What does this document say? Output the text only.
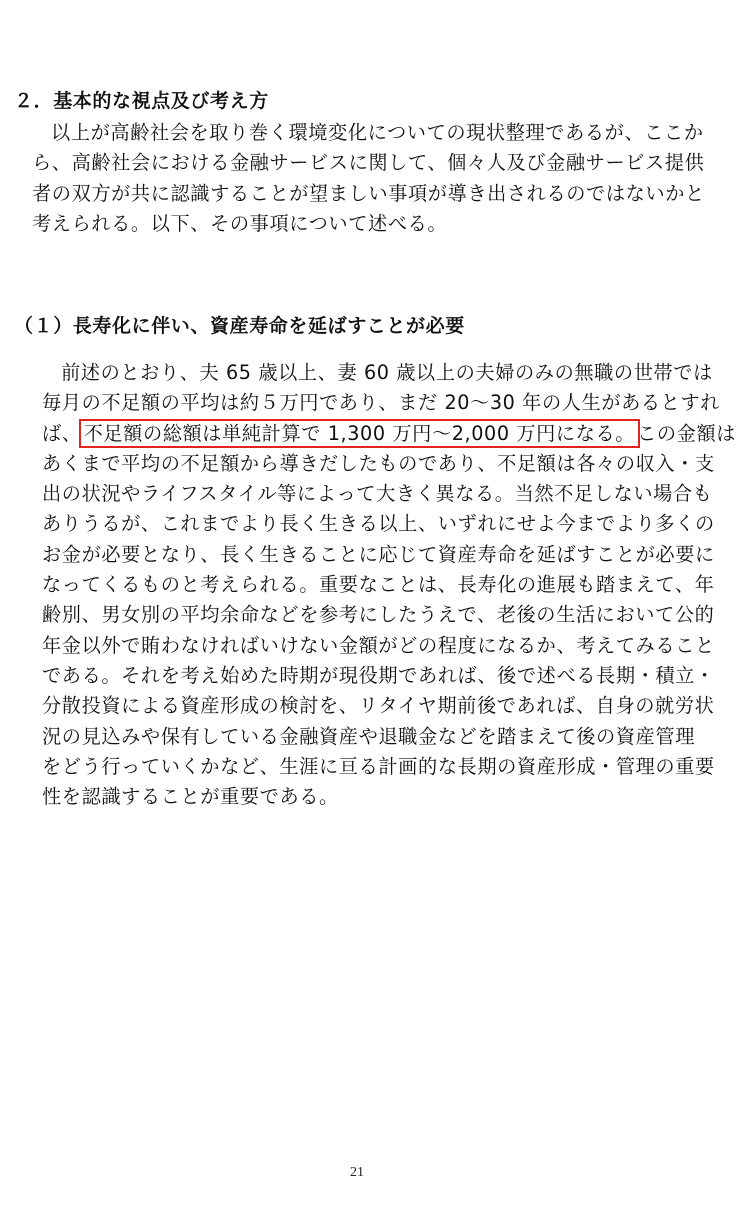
２．基本的な視点及び考え方

以上が高齢社会を取り巻く環境変化についての現状整理であるが、ここか
ら、高齢社会における金融サービスに関して、個々人及び金融サービス提供
者の双方が共に認識することが望ましい事項が導き出されるのではないかと
考えられる。以下、その事項について述べる。

（１）長寿化に伴い、資産寿命を延ばすことが必要

前述のとおり、夫 65 歳以上、妻 60 歳以上の夫婦のみの無職の世帯では
毎月の不足額の平均は約５万円であり、まだ 20～30 年の人生があるとすれ
ば、 不足額の総額は単純計算で 1,300 万円～2,000 万円になる。 この金額は
あくまで平均の不足額から導きだしたものであり、不足額は各々の収入・支
出の状況やライフスタイル等によって大きく異なる。当然不足しない場合も
ありうるが、これまでより長く生きる以上、いずれにせよ今までより多くの
お金が必要となり、長く生きることに応じて資産寿命を延ばすことが必要に
なってくるものと考えられる。重要なことは、長寿化の進展も踏まえて、年
齢別、男女別の平均余命などを参考にしたうえで、老後の生活において公的
年金以外で賄わなければいけない金額がどの程度になるか、考えてみること
である。それを考え始めた時期が現役期であれば、後で述べる長期・積立・
分散投資による資産形成の検討を、リタイヤ期前後であれば、自身の就労状
況の見込みや保有している金融資産や退職金などを踏まえて後の資産管理
をどう行っていくかなど、生涯に亘る計画的な長期の資産形成・管理の重要
性を認識することが重要である。

21
